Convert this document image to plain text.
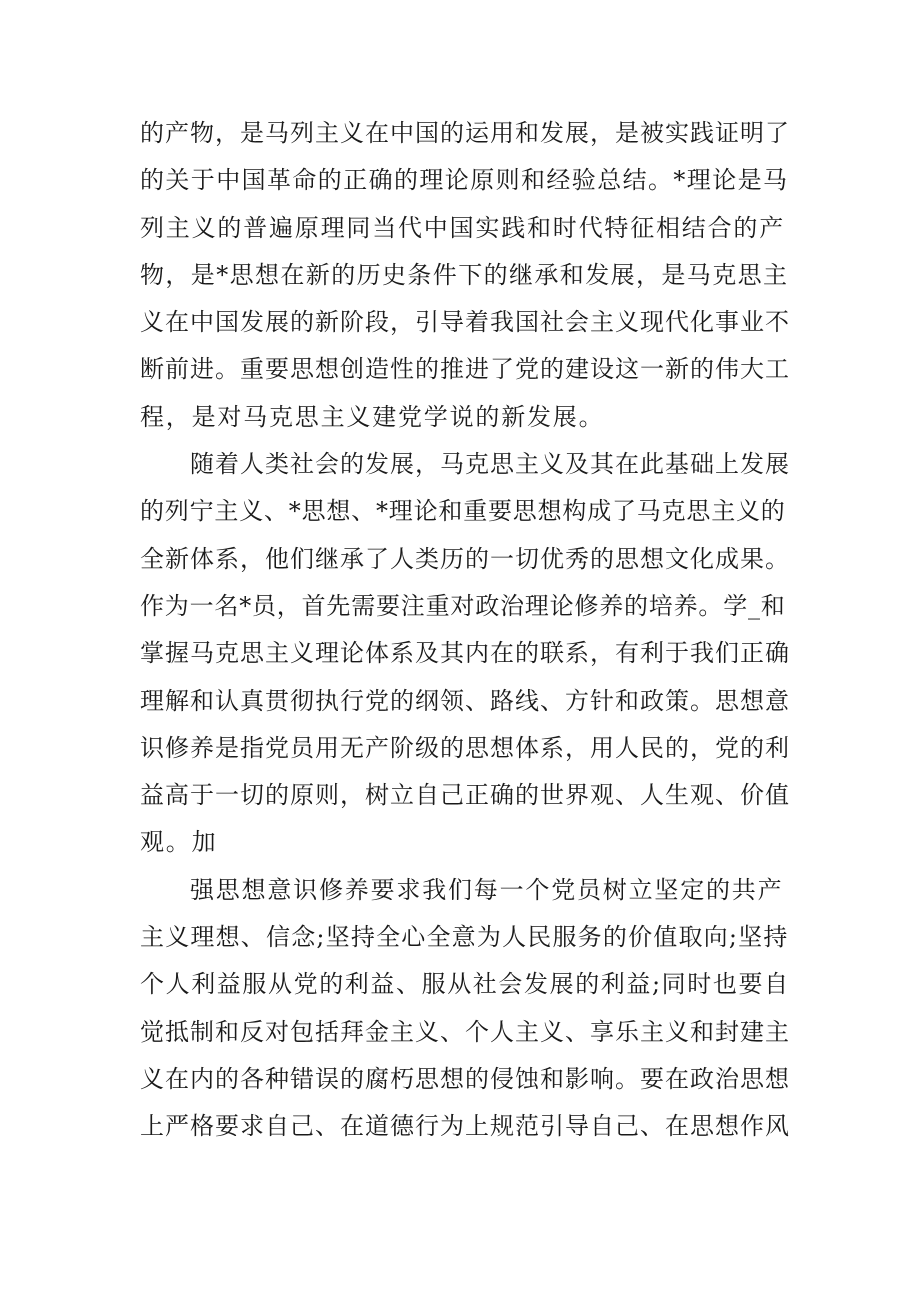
的产物，是马列主义在中国的运用和发展，是被实践证明了
的关于中国革命的正确的理论原则和经验总结。*理论是马
列主义的普遍原理同当代中国实践和时代特征相结合的产
物，是*思想在新的历史条件下的继承和发展，是马克思主
义在中国发展的新阶段，引导着我国社会主义现代化事业不
断前进。重要思想创造性的推进了党的建设这一新的伟大工
程，是对马克思主义建党学说的新发展。
随着人类社会的发展，马克思主义及其在此基础上发展
的列宁主义、*思想、*理论和重要思想构成了马克思主义的
全新体系，他们继承了人类历的一切优秀的思想文化成果。
作为一名*员，首先需要注重对政治理论修养的培养。学_和
掌握马克思主义理论体系及其内在的联系，有利于我们正确
理解和认真贯彻执行党的纲领、路线、方针和政策。思想意
识修养是指党员用无产阶级的思想体系，用人民的，党的利
益高于一切的原则，树立自己正确的世界观、人生观、价值
观。加
强思想意识修养要求我们每一个党员树立坚定的共产
主义理想、信念;坚持全心全意为人民服务的价值取向;坚持
个人利益服从党的利益、服从社会发展的利益;同时也要自
觉抵制和反对包括拜金主义、个人主义、享乐主义和封建主
义在内的各种错误的腐朽思想的侵蚀和影响。要在政治思想
上严格要求自己、在道德行为上规范引导自己、在思想作风
